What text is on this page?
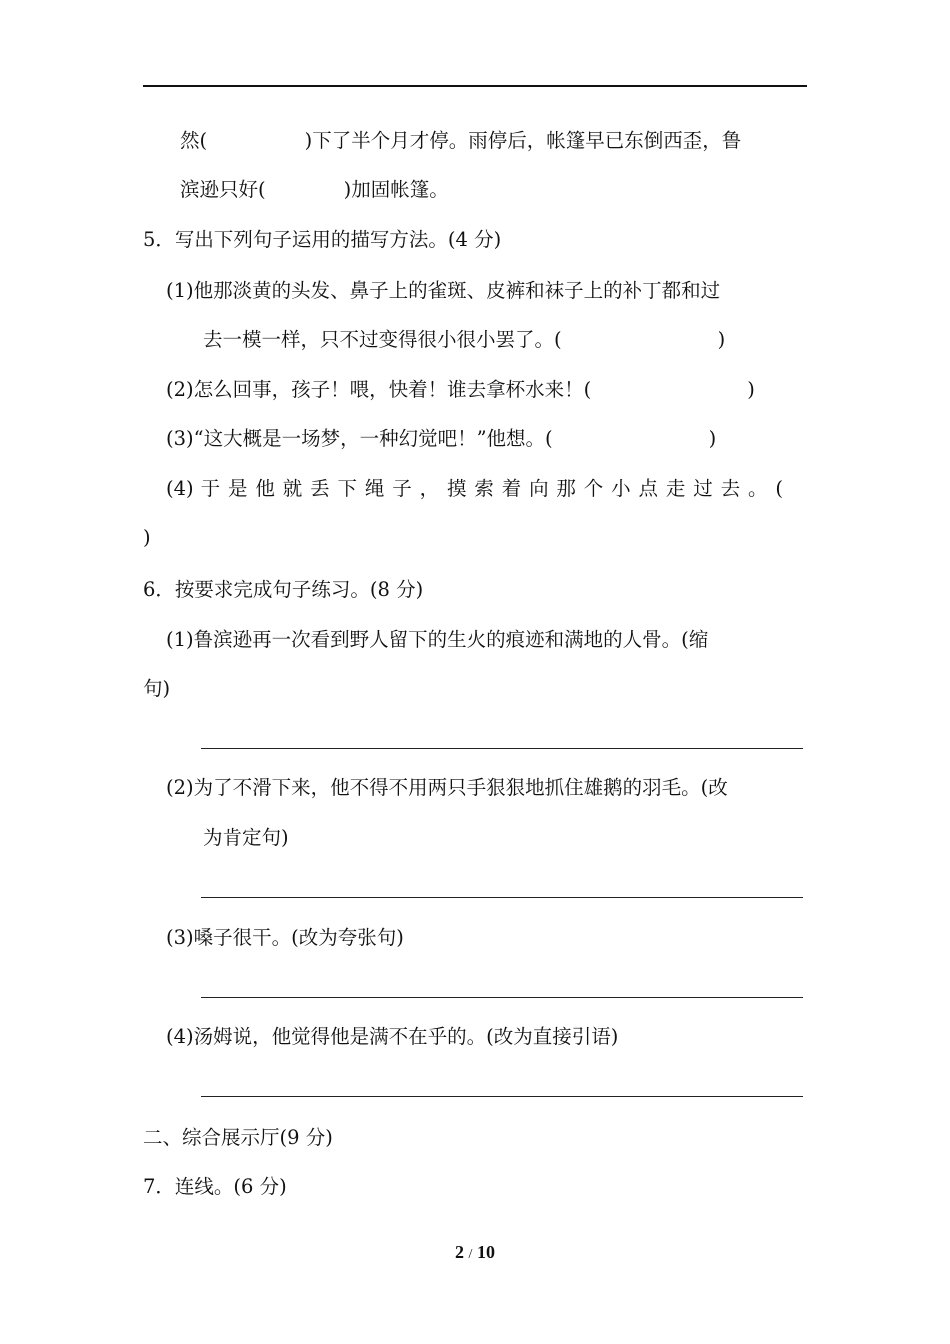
然(　　　　　)下了半个月才停。雨停后，帐篷早已东倒西歪，鲁
滨逊只好(　　　　)加固帐篷。
5．写出下列句子运用的描写方法。(4 分)
(1)他那淡黄的头发、鼻子上的雀斑、皮裤和袜子上的补丁都和过
去一模一样，只不过变得很小很小罢了。(　　　　　　　　)
(2)怎么回事，孩子！喂，快着！谁去拿杯水来！(　　　　　　　　)
(3)“这大概是一场梦，一种幻觉吧！”他想。(　　　　　　　　)
(4) 于 是 他 就 丢 下 绳 子 ， 摸 索 着 向 那 个 小 点 走 过 去 。 (
)
6．按要求完成句子练习。(8 分)
(1)鲁滨逊再一次看到野人留下的生火的痕迹和满地的人骨。(缩
句)
(2)为了不滑下来，他不得不用两只手狠狠地抓住雄鹅的羽毛。(改
为肯定句)
(3)嗓子很干。(改为夸张句)
(4)汤姆说，他觉得他是满不在乎的。(改为直接引语)
二、综合展示厅(9 分)
7．连线。(6 分)
2 / 10
